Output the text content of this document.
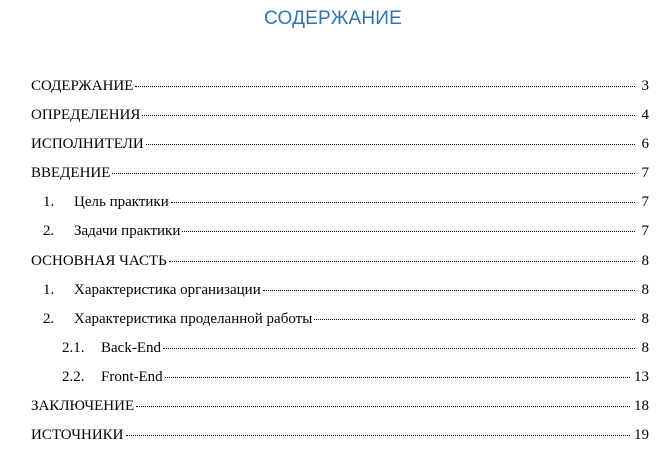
СОДЕРЖАНИЕ
СОДЕРЖАНИЕ	3
ОПРЕДЕЛЕНИЯ	4
ИСПОЛНИТЕЛИ	6
ВВЕДЕНИЕ	7
1.	Цель практики	7
2.	Задачи практики	7
ОСНОВНАЯ ЧАСТЬ	8
1.	Характеристика организации	8
2.	Характеристика проделанной работы	8
2.1.	Back-End	8
2.2.	Front-End	13
ЗАКЛЮЧЕНИЕ	18
ИСТОЧНИКИ	19
